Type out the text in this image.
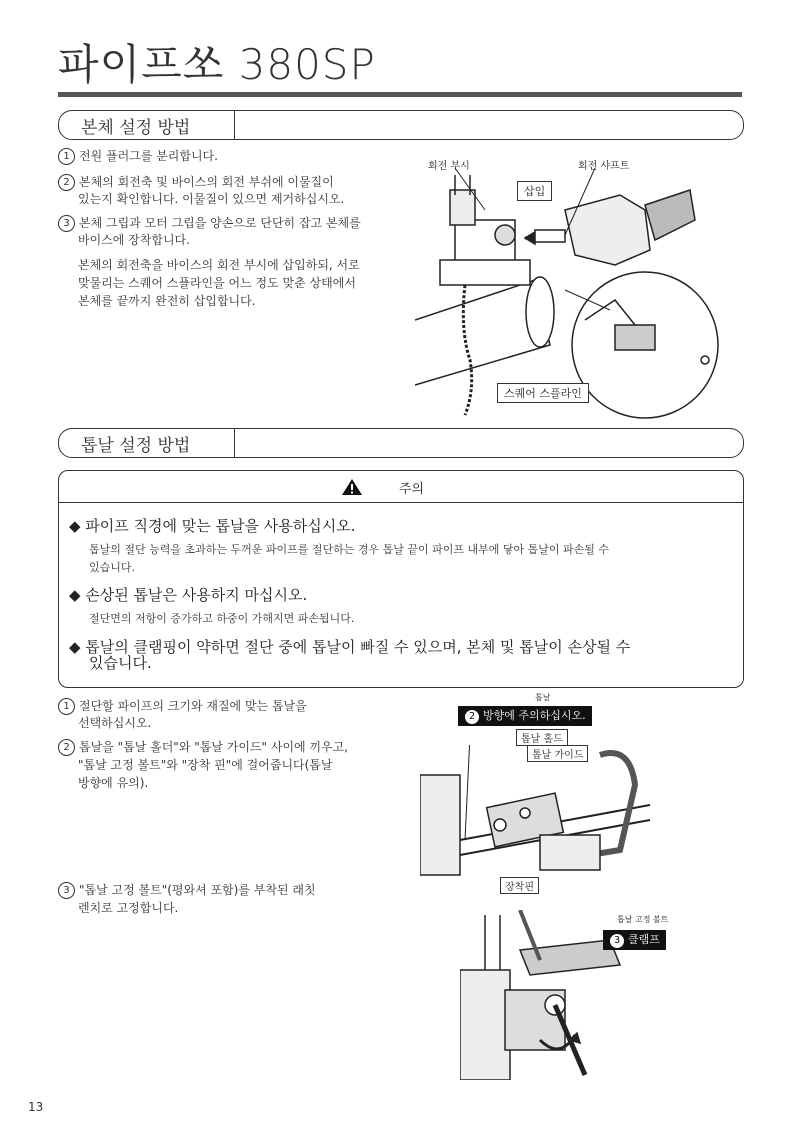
파이프쏘 380SP
본체 설정 방법
1 전원 플러그를 분리합니다.
2 본체의 회전축 및 바이스의 회전 부쉬에 이물질이
있는지 확인합니다. 이물질이 있으면 제거하십시오.
3 본체 그립과 모터 그립을 양손으로 단단히 잡고 본체를
바이스에 장착합니다.
본체의 회전축을 바이스의 회전 부시에 삽입하되, 서로
맞물리는 스퀘어 스플라인을 어느 정도 맞춘 상태에서
본체를 끝까지 완전히 삽입합니다.
회전 부시	회전 샤프트
삽입
스퀘어 스플라인
톱날 설정 방법
주의
◆ 파이프 직경에 맞는 톱날을 사용하십시오.
톱날의 절단 능력을 초과하는 두꺼운 파이프를 절단하는 경우 톱날 끝이 파이프 내부에 닿아 톱날이 파손될 수
있습니다.
◆ 손상된 톱날은 사용하지 마십시오.
절단면의 저항이 증가하고 하중이 가해지면 파손됩니다.
◆ 톱날의 클램핑이 약하면 절단 중에 톱날이 빠질 수 있으며, 본체 및 톱날이 손상될 수
있습니다.
1 절단할 파이프의 크기와 재질에 맞는 톱날을
선택하십시오.
2 톱날을 "톱날 홀더"와 "톱날 가이드" 사이에 끼우고,
"톱날 고정 볼트"와 "장착 핀"에 걸어줍니다(톱날
방향에 유의).
3 "톱날 고정 볼트"(평와셔 포함)를 부착된 래칫
렌치로 고정합니다.
톱날
2 방향에 주의하십시오.
톱날 홀드
톱날 가이드
장착핀
톱날 고정 볼트
3 클램프
13
